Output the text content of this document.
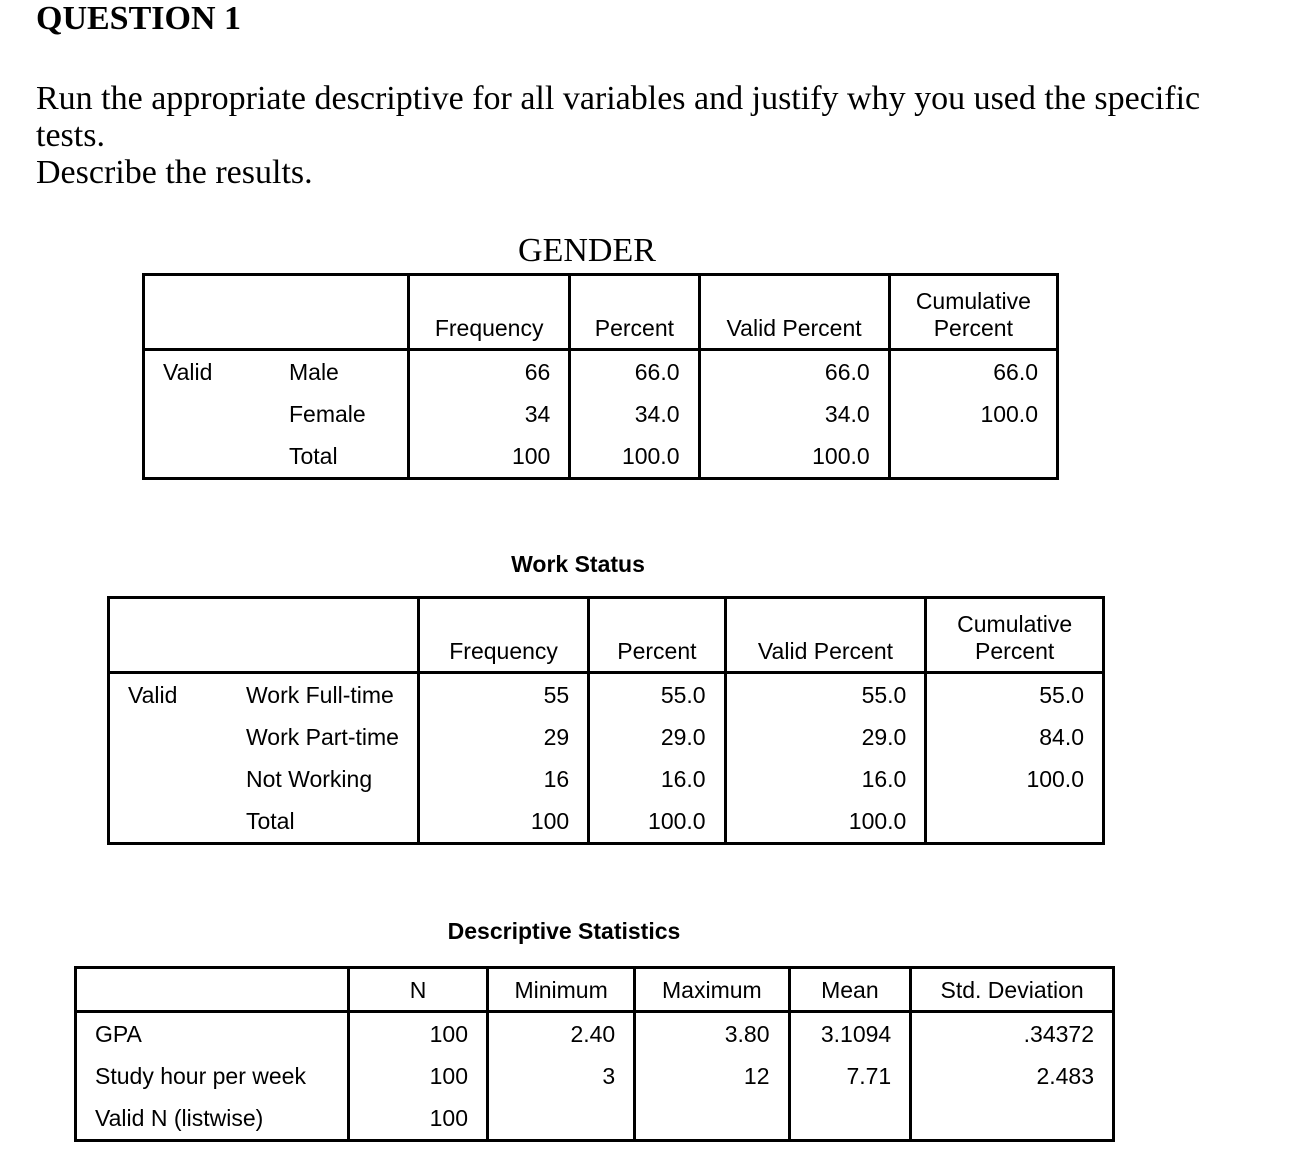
QUESTION 1
Run the appropriate descriptive for all variables and justify why you used the specific tests.
Describe the results.
GENDER
		Frequency	Percent	Valid Percent	Cumulative
Percent

Valid	Male	66	66.0	66.0	66.0
	Female	34	34.0	34.0	100.0
	Total	100	100.0	100.0	
Work Status
		Frequency	Percent	Valid Percent	Cumulative
Percent

Valid	Work Full-time	55	55.0	55.0	55.0
	Work Part-time	29	29.0	29.0	84.0
	Not Working	16	16.0	16.0	100.0
	Total	100	100.0	100.0	
Descriptive Statistics
	N	Minimum	Maximum	Mean	Std. Deviation
GPA	100	2.40	3.80	3.1094	.34372
Study hour per week	100	3	12	7.71	2.483
Valid N (listwise)	100				
